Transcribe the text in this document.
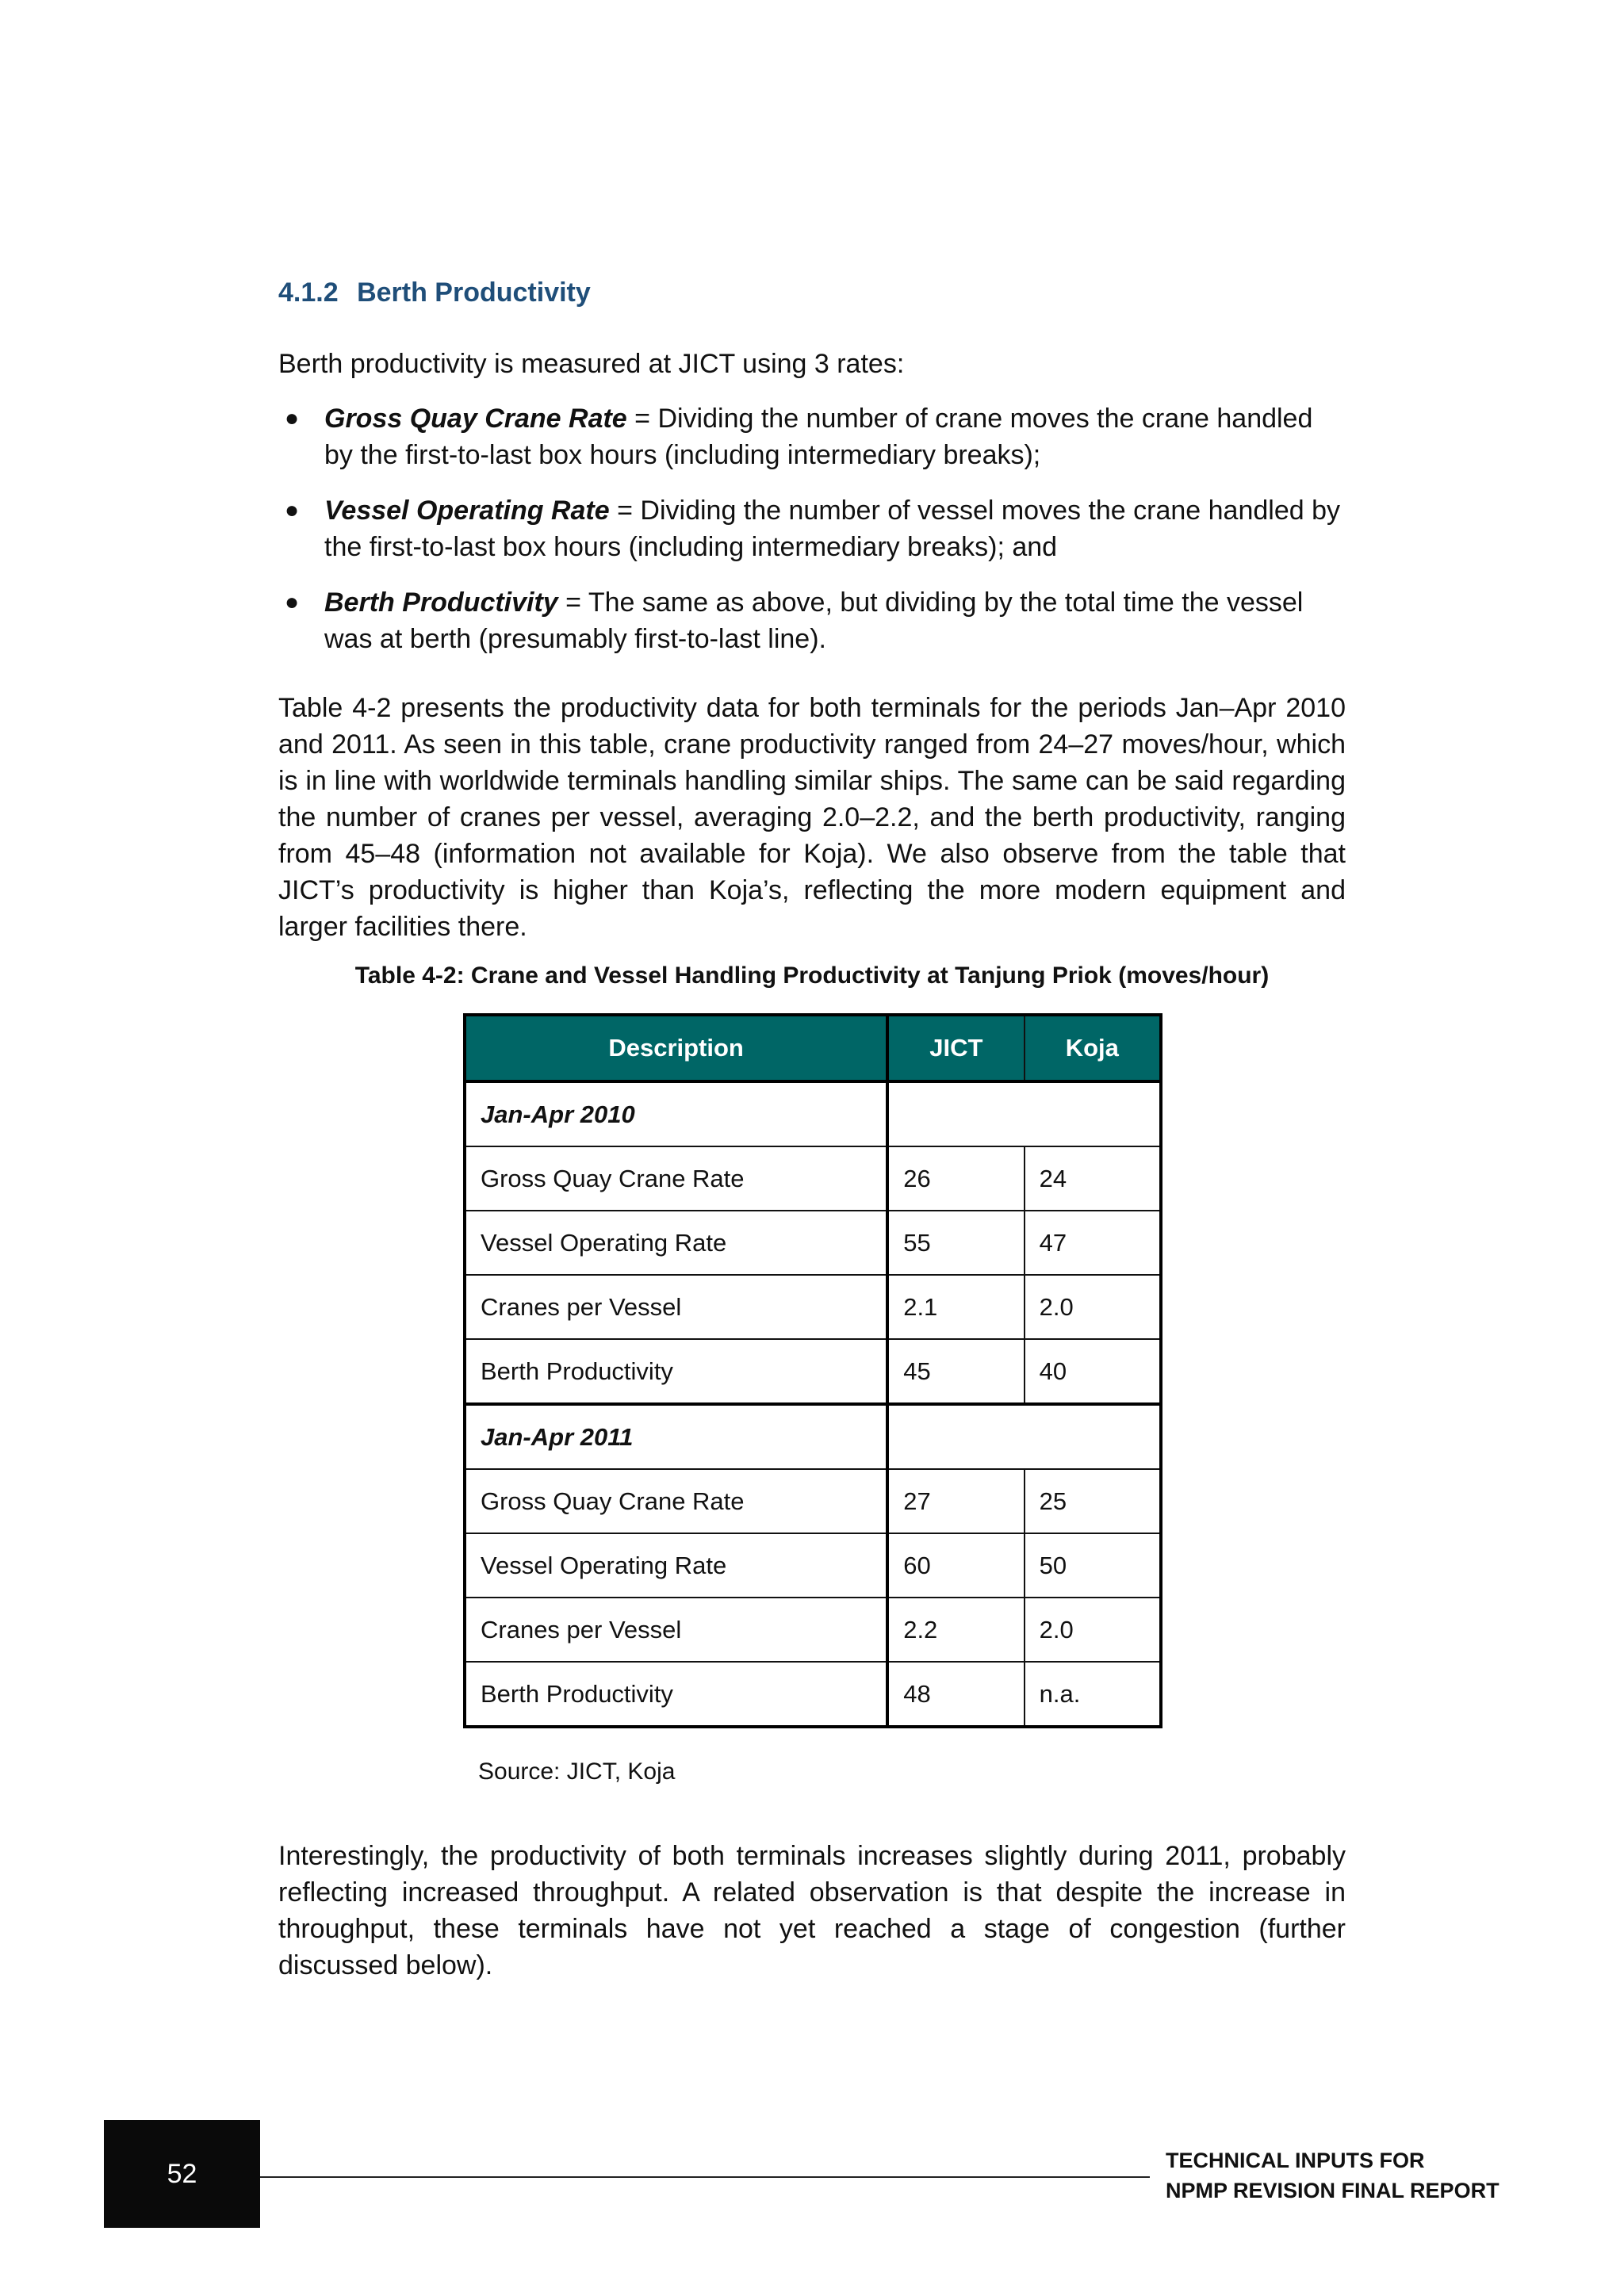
4.1.2 Berth Productivity

Berth productivity is measured at JICT using 3 rates:

● Gross Quay Crane Rate = Dividing the number of crane moves the crane handled by the first-to-last box hours (including intermediary breaks);
● Vessel Operating Rate = Dividing the number of vessel moves the crane handled by the first-to-last box hours (including intermediary breaks); and
● Berth Productivity = The same as above, but dividing by the total time the vessel was at berth (presumably first-to-last line).

Table 4-2 presents the productivity data for both terminals for the periods Jan–Apr 2010 and 2011. As seen in this table, crane productivity ranged from 24–27 moves/hour, which is in line with worldwide terminals handling similar ships. The same can be said regarding the number of cranes per vessel, averaging 2.0–2.2, and the berth productivity, ranging from 45–48 (information not available for Koja). We also observe from the table that JICT’s productivity is higher than Koja’s, reflecting the more modern equipment and larger facilities there.

Table 4-2: Crane and Vessel Handling Productivity at Tanjung Priok (moves/hour)

Description	JICT	Koja
Jan-Apr 2010		
Gross Quay Crane Rate	26	24
Vessel Operating Rate	55	47
Cranes per Vessel	2.1	2.0
Berth Productivity	45	40
Jan-Apr 2011		
Gross Quay Crane Rate	27	25
Vessel Operating Rate	60	50
Cranes per Vessel	2.2	2.0
Berth Productivity	48	n.a.

Source: JICT, Koja

Interestingly, the productivity of both terminals increases slightly during 2011, probably reflecting increased throughput. A related observation is that despite the increase in throughput, these terminals have not yet reached a stage of congestion (further discussed below).

52	TECHNICAL INPUTS FOR
NPMP REVISION FINAL REPORT
